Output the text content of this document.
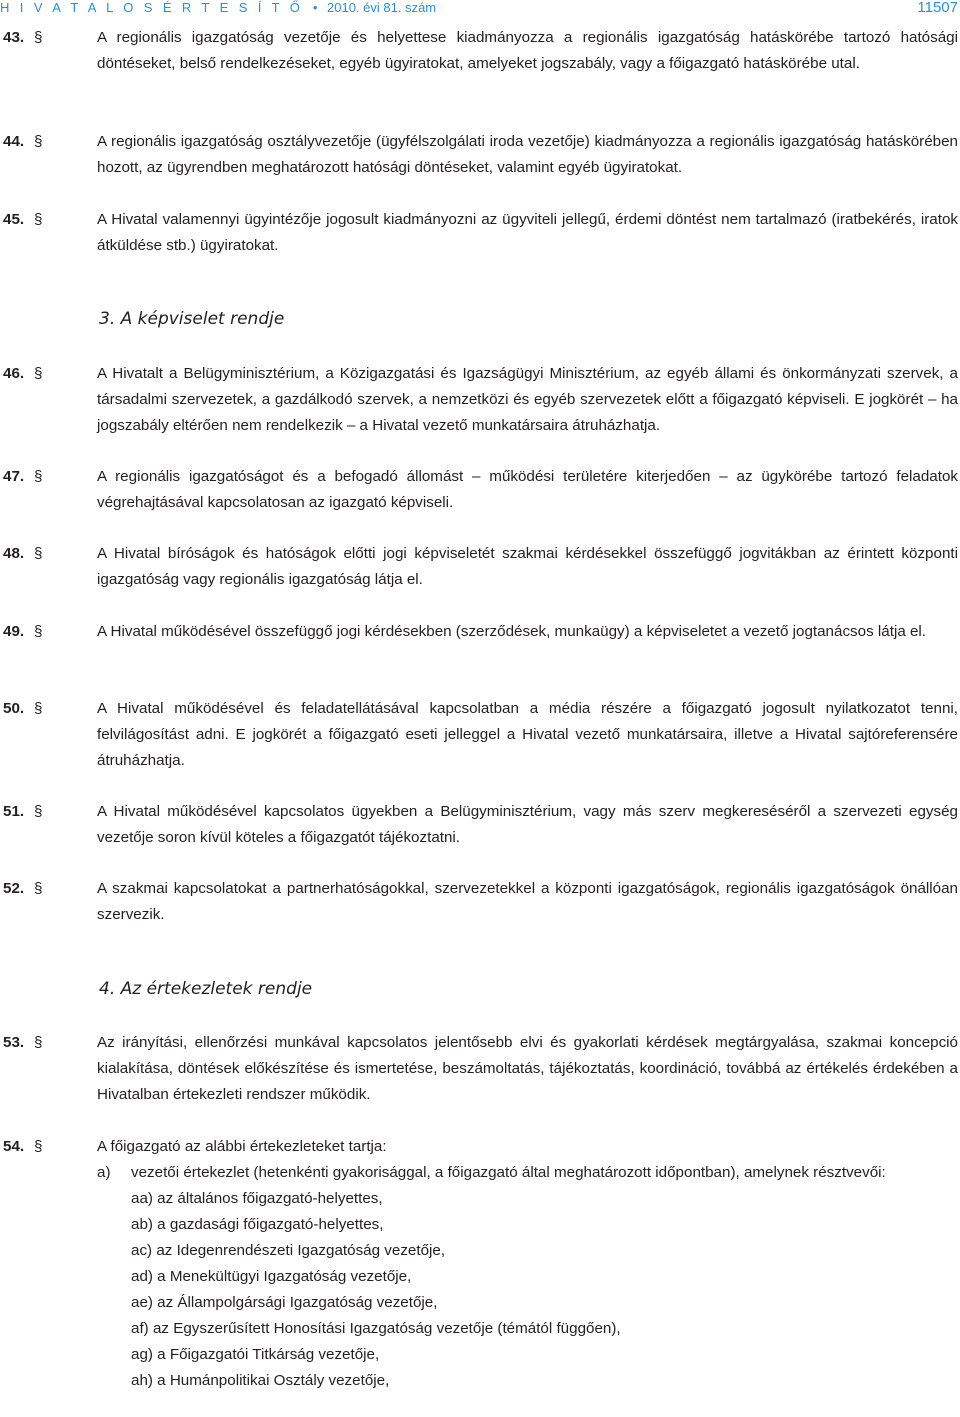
H I V A T A L O S É R T E S Í T Ő • 2010. évi 81. szám	11507
43. §	A regionális igazgatóság vezetője és helyettese kiadmányozza a regionális igazgatóság hatáskörébe tartozó hatósági döntéseket, belső rendelkezéseket, egyéb ügyiratokat, amelyeket jogszabály, vagy a főigazgató hatáskörébe utal.
44. §	A regionális igazgatóság osztályvezetője (ügyfélszolgálati iroda vezetője) kiadmányozza a regionális igazgatóság hatáskörében hozott, az ügyrendben meghatározott hatósági döntéseket, valamint egyéb ügyiratokat.
45. §	A Hivatal valamennyi ügyintézője jogosult kiadmányozni az ügyviteli jellegű, érdemi döntést nem tartalmazó (iratbekérés, iratok átküldése stb.) ügyiratokat.
3. A képviselet rendje
46. §	A Hivatalt a Belügyminisztérium, a Közigazgatási és Igazságügyi Minisztérium, az egyéb állami és önkormányzati szervek, a társadalmi szervezetek, a gazdálkodó szervek, a nemzetközi és egyéb szervezetek előtt a főigazgató képviseli. E jogkörét – ha jogszabály eltérően nem rendelkezik – a Hivatal vezető munkatársaira átruházhatja.
47. §	A regionális igazgatóságot és a befogadó állomást – működési területére kiterjedően – az ügykörébe tartozó feladatok végrehajtásával kapcsolatosan az igazgató képviseli.
48. §	A Hivatal bíróságok és hatóságok előtti jogi képviseletét szakmai kérdésekkel összefüggő jogvitákban az érintett központi igazgatóság vagy regionális igazgatóság látja el.
49. §	A Hivatal működésével összefüggő jogi kérdésekben (szerződések, munkaügy) a képviseletet a vezető jogtanácsos látja el.
50. §	A Hivatal működésével és feladatellátásával kapcsolatban a média részére a főigazgató jogosult nyilatkozatot tenni, felvilágosítást adni. E jogkörét a főigazgató eseti jelleggel a Hivatal vezető munkatársaira, illetve a Hivatal sajtóreferensére átruházhatja.
51. §	A Hivatal működésével kapcsolatos ügyekben a Belügyminisztérium, vagy más szerv megkereséséről a szervezeti egység vezetője soron kívül köteles a főigazgatót tájékoztatni.
52. §	A szakmai kapcsolatokat a partnerhatóságokkal, szervezetekkel a központi igazgatóságok, regionális igazgatóságok önállóan szervezik.
4. Az értekezletek rendje
53. §	Az irányítási, ellenőrzési munkával kapcsolatos jelentősebb elvi és gyakorlati kérdések megtárgyalása, szakmai koncepció kialakítása, döntések előkészítése és ismertetése, beszámoltatás, tájékoztatás, koordináció, továbbá az értékelés érdekében a Hivatalban értekezleti rendszer működik.
54. §	A főigazgató az alábbi értekezleteket tartja:
a) vezetői értekezlet (hetenkénti gyakorisággal, a főigazgató által meghatározott időpontban), amelynek résztvevői:
aa) az általános főigazgató-helyettes,
ab) a gazdasági főigazgató-helyettes,
ac) az Idegenrendészeti Igazgatóság vezetője,
ad) a Menekültügyi Igazgatóság vezetője,
ae) az Állampolgársági Igazgatóság vezetője,
af) az Egyszerűsített Honosítási Igazgatóság vezetője (témától függően),
ag) a Főigazgatói Titkárság vezetője,
ah) a Humánpolitikai Osztály vezetője,
